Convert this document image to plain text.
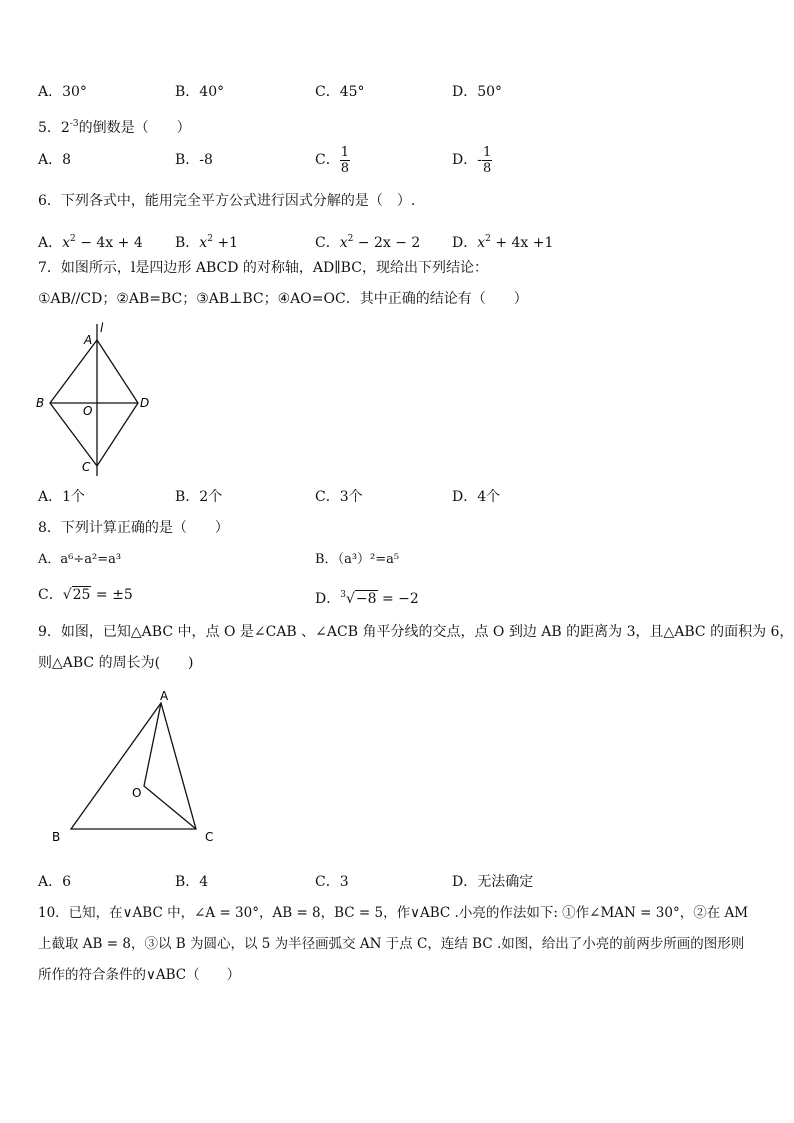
A．30°	B．40°	C．45°	D．50°
5．$2^{-3}$的倒数是（　　）
A．8	B．-8	C． $\frac{1}{8}$	D．- $\frac{1}{8}$
6．下列各式中，能用完全平方公式进行因式分解的是（　）.
A．$x^2 - 4x + 4$ B．$x^2 +1$	C．$x^2 - 2x - 2$ D．$x^2 + 4x +1$
7．如图所示，l是四边形 ABCD 的对称轴，AD∥BC，现给出下列结论：
①AB//CD；②AB=BC；③AB⊥BC；④AO=OC．其中正确的结论有（　　）
l
A
B	D
O
C
A．1个	B．2个	C．3个	D．4个
8．下列计算正确的是（　　）
A．a⁶÷a²=a³	B．（a³）²=a⁵
C．√25 = ±5	D．$^3$√−8 = −2
9．如图，已知△ABC 中，点 O 是∠CAB 、∠ACB 角平分线的交点，点 O 到边 AB 的距离为 3，且△ABC 的面积为 6，
则△ABC 的周长为(　　)
A
B	C
O
A．6	B．4	C．3	D．无法确定
10．已知，在∨ABC 中，∠A = 30°，AB = 8，BC = 5，作∨ABC .小亮的作法如下: ①作∠MAN = 30°，②在 AM
上截取 AB = 8，③以 B 为圆心，以 5 为半径画弧交 AN 于点 C，连结 BC .如图，给出了小亮的前两步所画的图形则
所作的符合条件的∨ABC（　　）
